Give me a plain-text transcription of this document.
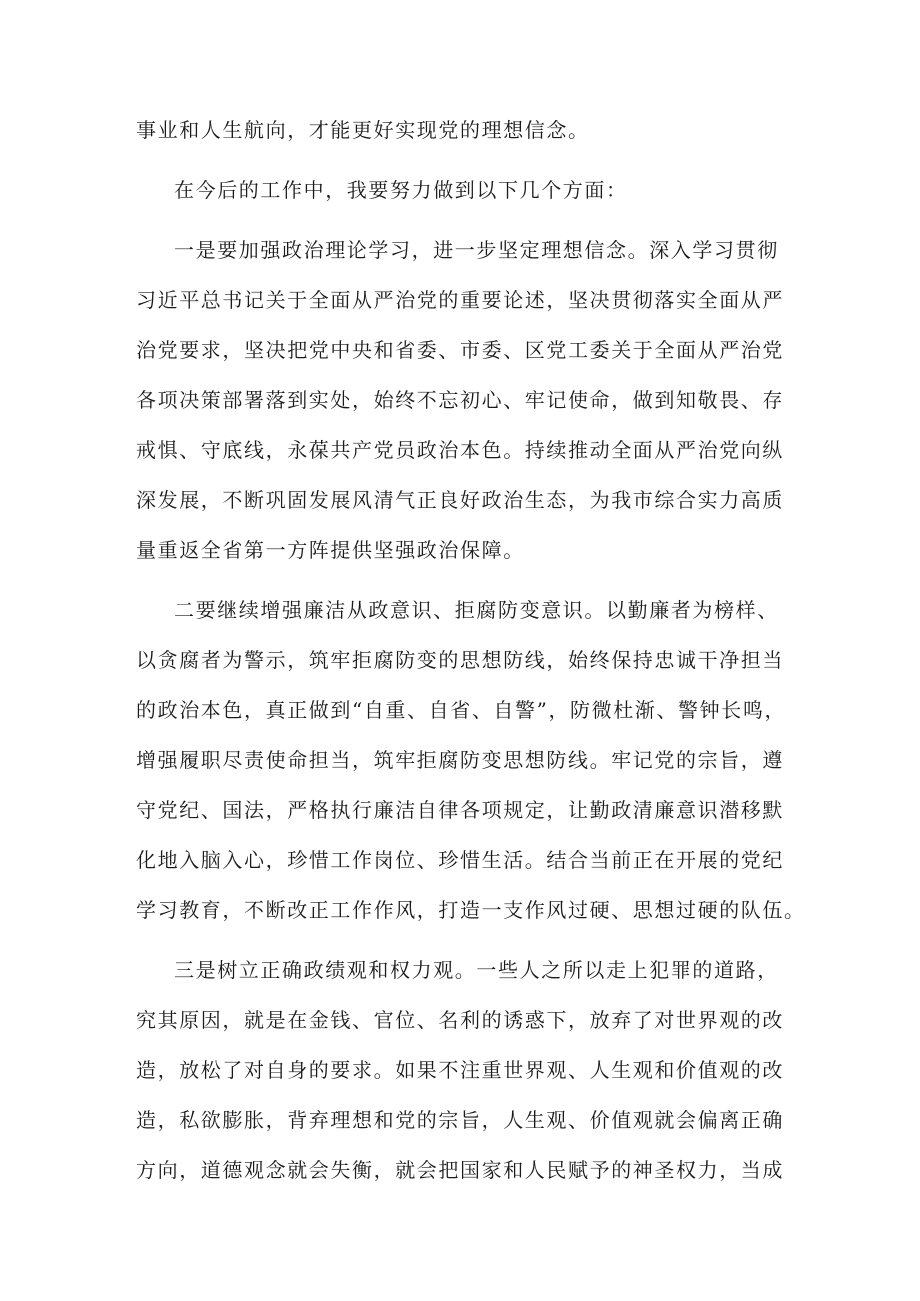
事业和人生航向，才能更好实现党的理想信念。
在今后的工作中，我要努力做到以下几个方面：
一是要加强政治理论学习，进一步坚定理想信念。深入学习贯彻
习近平总书记关于全面从严治党的重要论述，坚决贯彻落实全面从严
治党要求，坚决把党中央和省委、市委、区党工委关于全面从严治党
各项决策部署落到实处，始终不忘初心、牢记使命，做到知敬畏、存
戒惧、守底线，永葆共产党员政治本色。持续推动全面从严治党向纵
深发展，不断巩固发展风清气正良好政治生态，为我市综合实力高质
量重返全省第一方阵提供坚强政治保障。
二要继续增强廉洁从政意识、拒腐防变意识。以勤廉者为榜样、
以贪腐者为警示，筑牢拒腐防变的思想防线，始终保持忠诚干净担当
的政治本色，真正做到“自重、自省、自警”，防微杜渐、警钟长鸣，
增强履职尽责使命担当，筑牢拒腐防变思想防线。牢记党的宗旨，遵
守党纪、国法，严格执行廉洁自律各项规定，让勤政清廉意识潜移默
化地入脑入心，珍惜工作岗位、珍惜生活。结合当前正在开展的党纪
学习教育，不断改正工作作风，打造一支作风过硬、思想过硬的队伍。
三是树立正确政绩观和权力观。一些人之所以走上犯罪的道路，
究其原因，就是在金钱、官位、名利的诱惑下，放弃了对世界观的改
造，放松了对自身的要求。如果不注重世界观、人生观和价值观的改
造，私欲膨胀，背弃理想和党的宗旨，人生观、价值观就会偏离正确
方向，道德观念就会失衡，就会把国家和人民赋予的神圣权力，当成
